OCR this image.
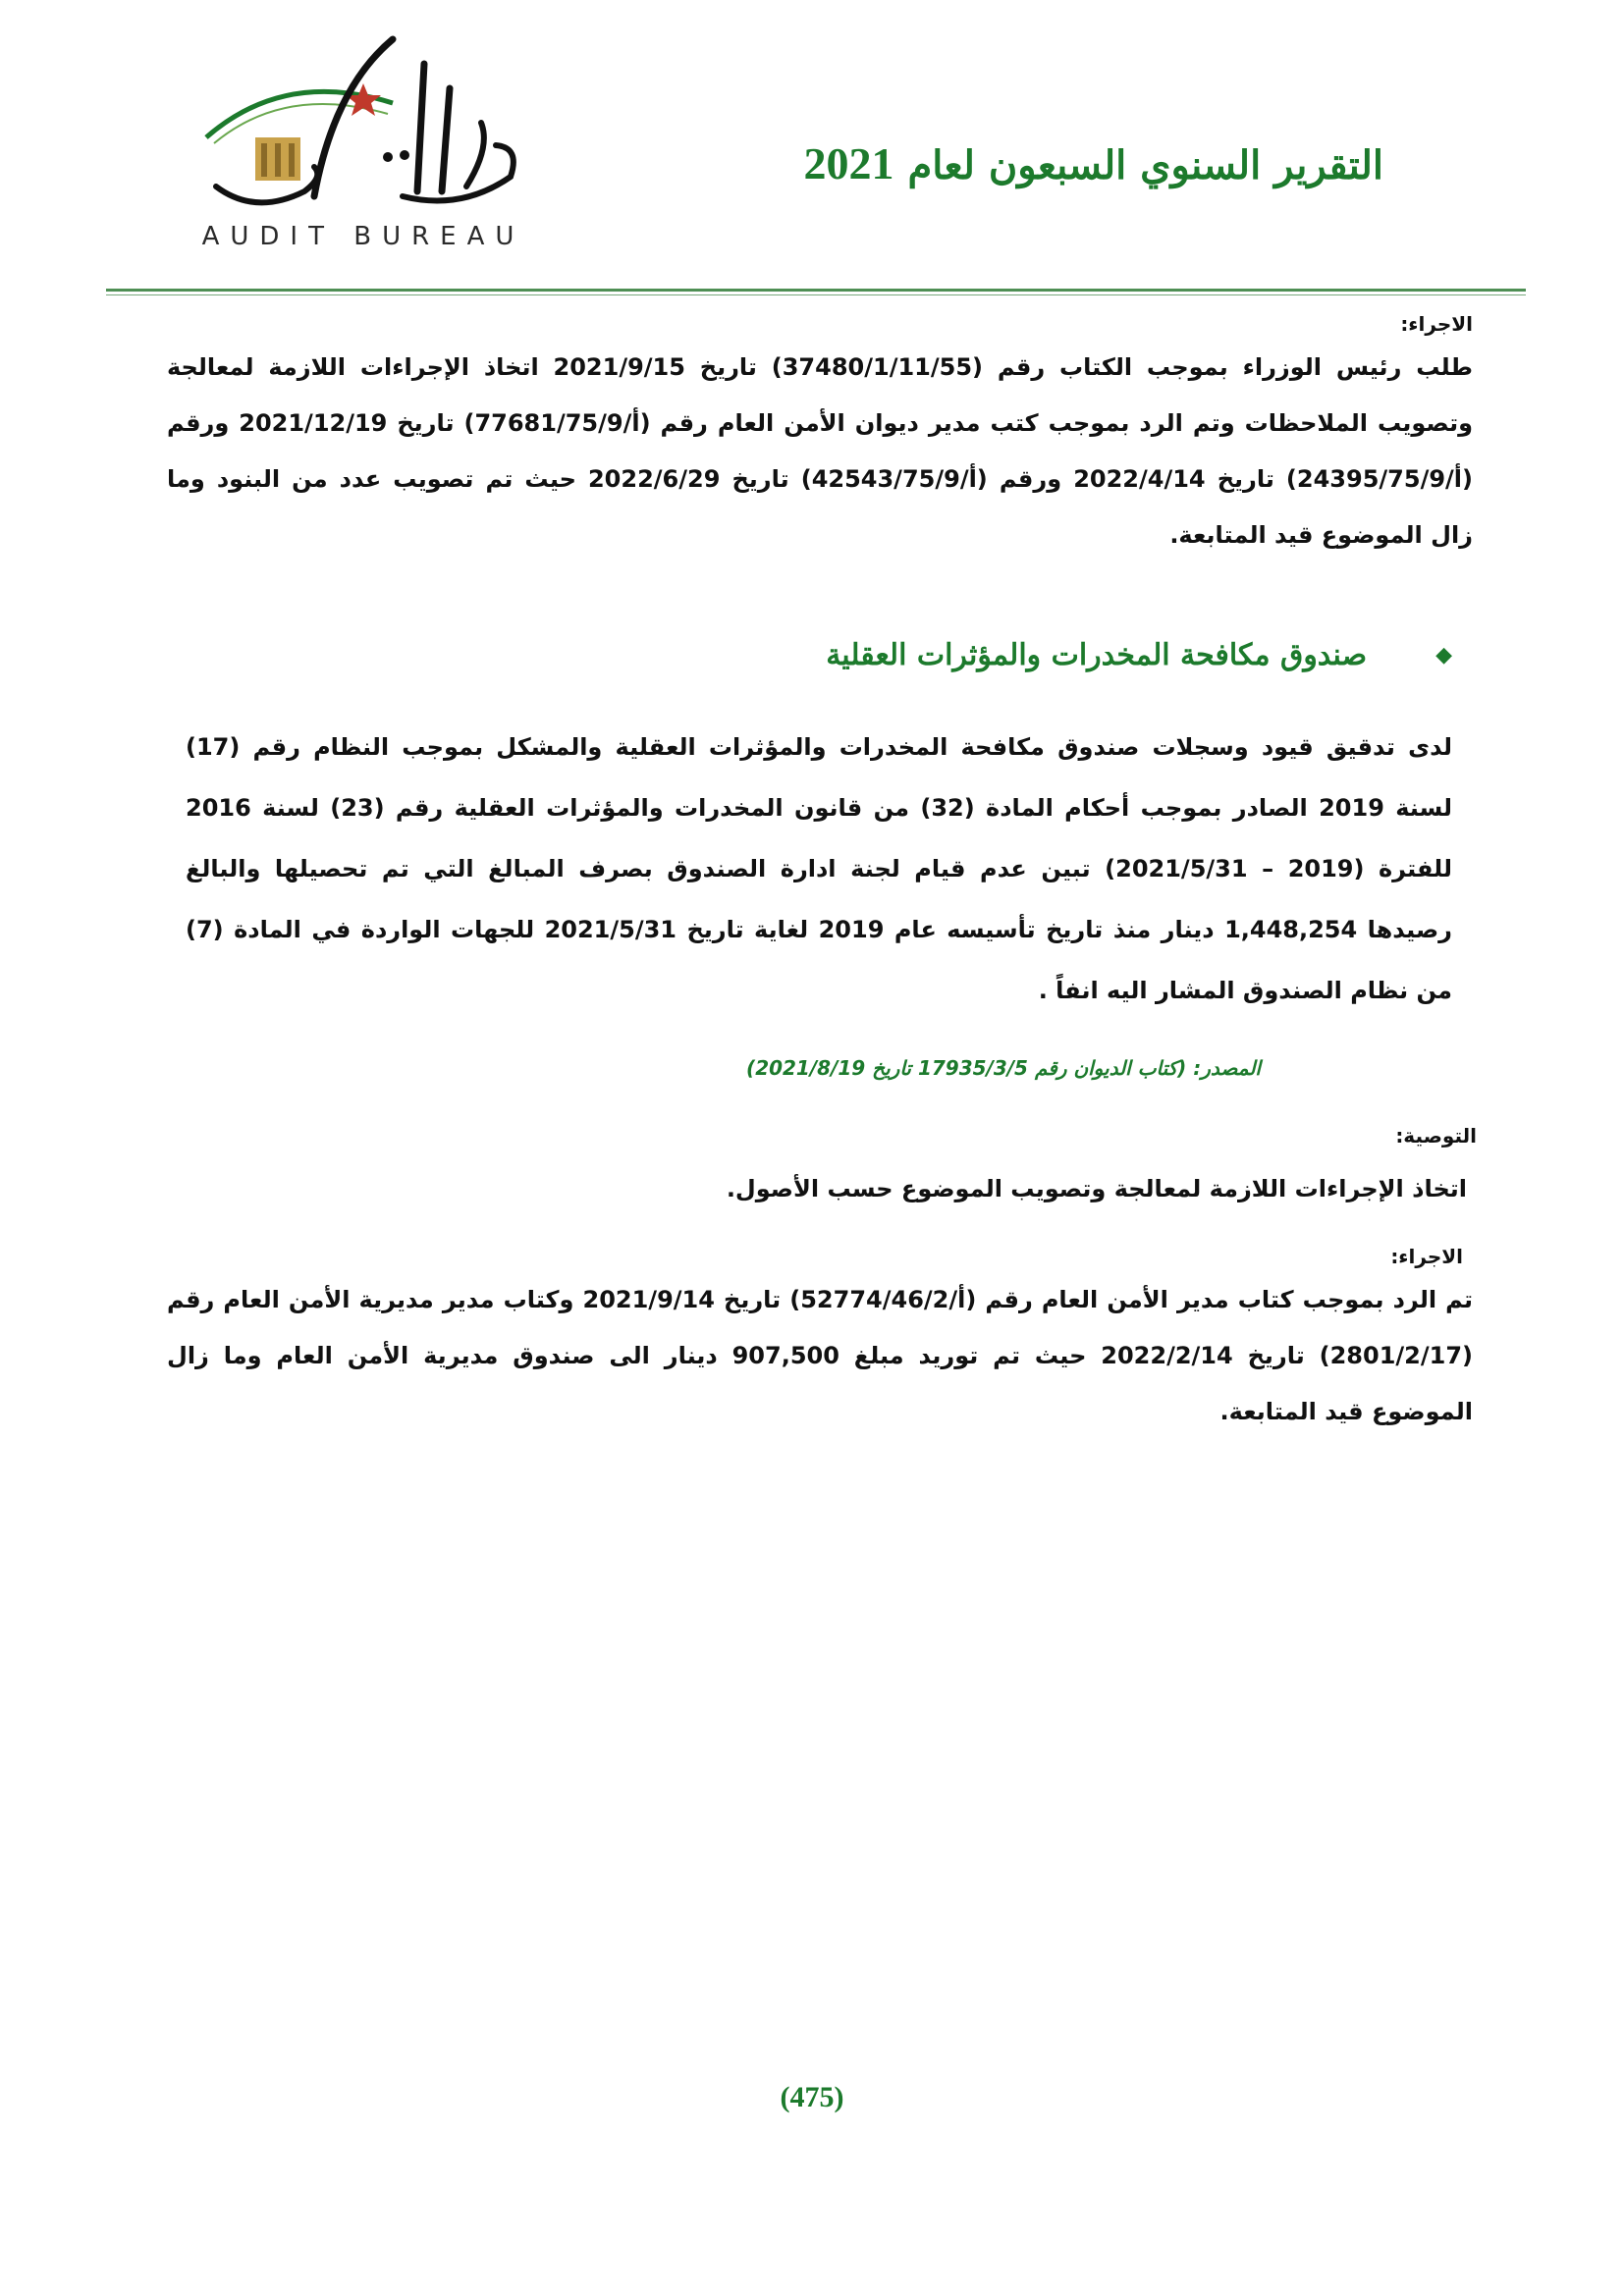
AUDIT BUREAU
التقرير السنوي السبعون لعام 2021
الاجراء:
طلب رئيس الوزراء بموجب الكتاب رقم (37480/1/11/55) تاريخ 2021/9/15 اتخاذ الإجراءات اللازمة لمعالجة وتصويب الملاحظات وتم الرد بموجب كتب مدير ديوان الأمن العام رقم (أ/77681/75/9) تاريخ 2021/12/19 ورقم (أ/24395/75/9) تاريخ 2022/4/14 ورقم (أ/42543/75/9) تاريخ 2022/6/29 حيث تم تصويب عدد من البنود وما زال الموضوع قيد المتابعة.
◆
صندوق مكافحة المخدرات والمؤثرات العقلية
لدى تدقيق قيود وسجلات صندوق مكافحة المخدرات والمؤثرات العقلية والمشكل بموجب النظام رقم (17) لسنة 2019 الصادر بموجب أحكام المادة (32) من قانون المخدرات والمؤثرات العقلية رقم (23) لسنة 2016 للفترة (2019 – 2021/5/31) تبين عدم قيام لجنة ادارة الصندوق بصرف المبالغ التي تم تحصيلها والبالغ رصيدها 1,448,254 دينار منذ تاريخ تأسيسه عام 2019 لغاية تاريخ 2021/5/31 للجهات الواردة في المادة (7) من نظام الصندوق المشار اليه انفاً .
المصدر: (كتاب الديوان رقم 17935/3/5 تاريخ 2021/8/19)
التوصية:
اتخاذ الإجراءات اللازمة لمعالجة وتصويب الموضوع حسب الأصول.
الاجراء:
تم الرد بموجب كتاب مدير الأمن العام رقم (أ/52774/46/2) تاريخ 2021/9/14 وكتاب مدير مديرية الأمن العام رقم (2801/2/17) تاريخ 2022/2/14 حيث تم توريد مبلغ 907,500 دينار الى صندوق مديرية الأمن العام وما زال الموضوع قيد المتابعة.
(475)
